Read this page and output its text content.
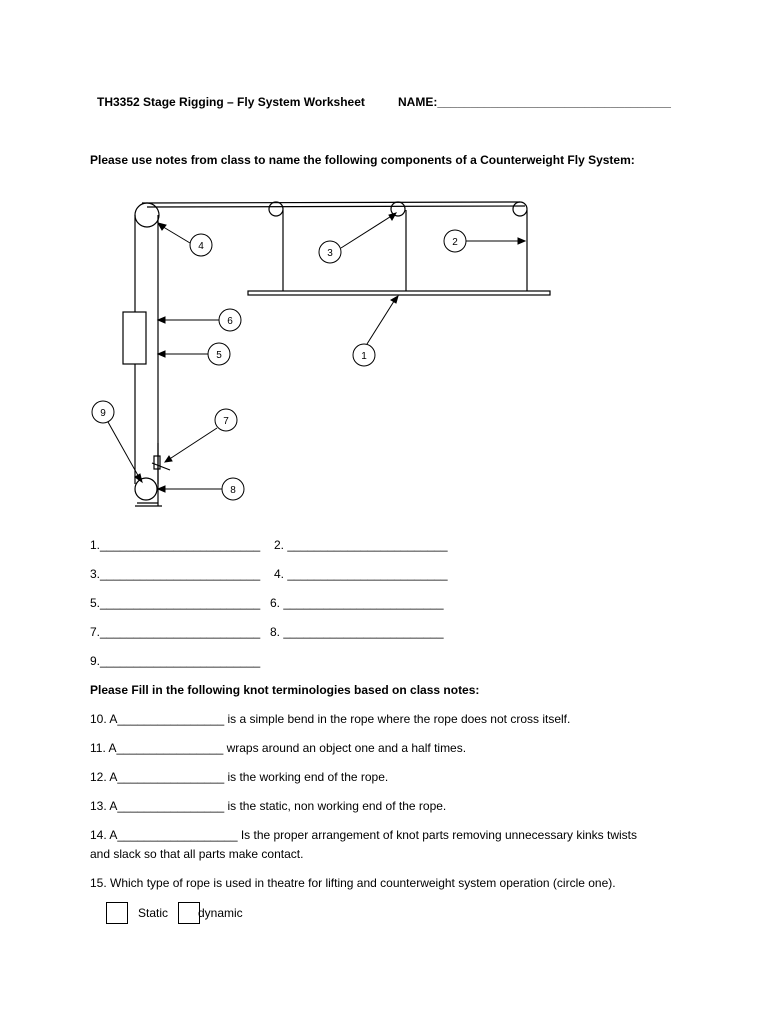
TH3352 Stage Rigging – Fly System Worksheet	NAME:___________________________________
Please use notes from class to name the following components of a Counterweight Fly System:
4
3
2
6
5	1
9
7
8
1.________________________ 2. ________________________
3.________________________ 4. ________________________
5.________________________ 6. ________________________
7.________________________ 8. ________________________
9.________________________
Please Fill in the following knot terminologies based on class notes:
10. A________________ is a simple bend in the rope where the rope does not cross itself.
11. A________________ wraps around an object one and a half times.
12. A________________ is the working end of the rope.
13. A________________ is the static, non working end of the rope.
14. A__________________ Is the proper arrangement of knot parts removing unnecessary kinks twists
and slack so that all parts make contact.
15. Which type of rope is used in theatre for lifting and counterweight system operation (circle one).
Static dynamic
